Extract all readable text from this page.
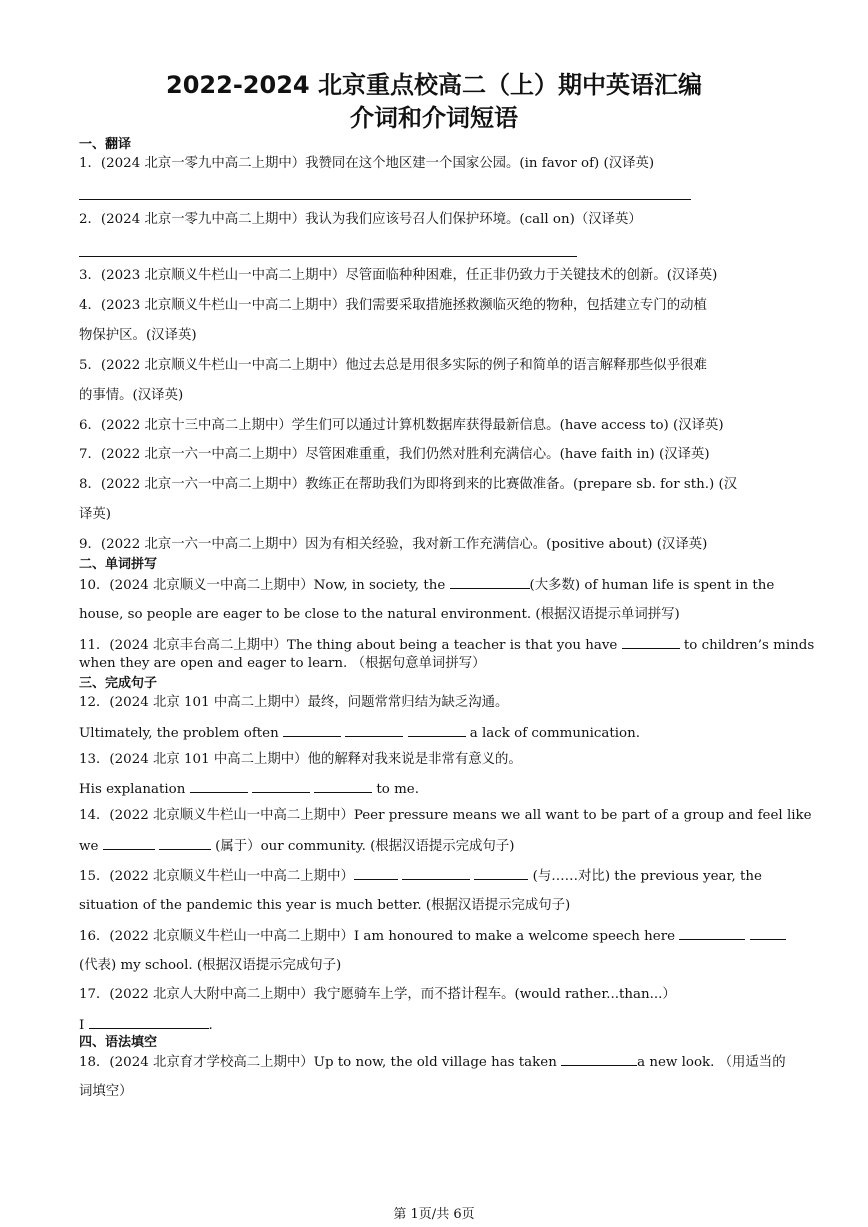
2022-2024 北京重点校高二（上）期中英语汇编
介词和介词短语
一、翻译
1．(2024 北京一零九中高二上期中）我赞同在这个地区建一个国家公园。(in favor of) (汉译英)
2．(2024 北京一零九中高二上期中）我认为我们应该号召人们保护环境。(call on)（汉译英）
3．(2023 北京顺义牛栏山一中高二上期中）尽管面临种种困难，任正非仍致力于关键技术的创新。(汉译英)
4．(2023 北京顺义牛栏山一中高二上期中）我们需要采取措施拯救濒临灭绝的物种，包括建立专门的动植
物保护区。(汉译英)
5．(2022 北京顺义牛栏山一中高二上期中）他过去总是用很多实际的例子和简单的语言解释那些似乎很难
的事情。(汉译英)
6．(2022 北京十三中高二上期中）学生们可以通过计算机数据库获得最新信息。(have access to) (汉译英)
7．(2022 北京一六一中高二上期中）尽管困难重重，我们仍然对胜利充满信心。(have faith in) (汉译英)
8．(2022 北京一六一中高二上期中）教练正在帮助我们为即将到来的比赛做准备。(prepare sb. for sth.) (汉
译英)
9．(2022 北京一六一中高二上期中）因为有相关经验，我对新工作充满信心。(positive about) (汉译英)
二、单词拼写
10．(2024 北京顺义一中高二上期中）Now, in society, the	(大多数) of human life is spent in the
house, so people are eager to be close to the natural environment. (根据汉语提示单词拼写)
11．(2024 北京丰台高二上期中）The thing about being a teacher is that you have	to children’s minds
when they are open and eager to learn. （根据句意单词拼写）
三、完成句子
12．(2024 北京 101 中高二上期中）最终，问题常常归结为缺乏沟通。
Ultimately, the problem often	a lack of communication.
13．(2024 北京 101 中高二上期中）他的解释对我来说是非常有意义的。
His explanation	to me.
14．(2022 北京顺义牛栏山一中高二上期中）Peer pressure means we all want to be part of a group and feel like
we	(属于）our community. (根据汉语提示完成句子)
15．(2022 北京顺义牛栏山一中高二上期中）	(与……对比) the previous year, the
situation of the pandemic this year is much better. (根据汉语提示完成句子)
16．(2022 北京顺义牛栏山一中高二上期中）I am honoured to make a welcome speech here
(代表) my school. (根据汉语提示完成句子)
17．(2022 北京人大附中高二上期中）我宁愿骑车上学，而不搭计程车。(would rather...than...）
I	.
四、语法填空
18．(2024 北京育才学校高二上期中）Up to now, the old village has taken	a new look. （用适当的
词填空）
第 1页/共 6页
